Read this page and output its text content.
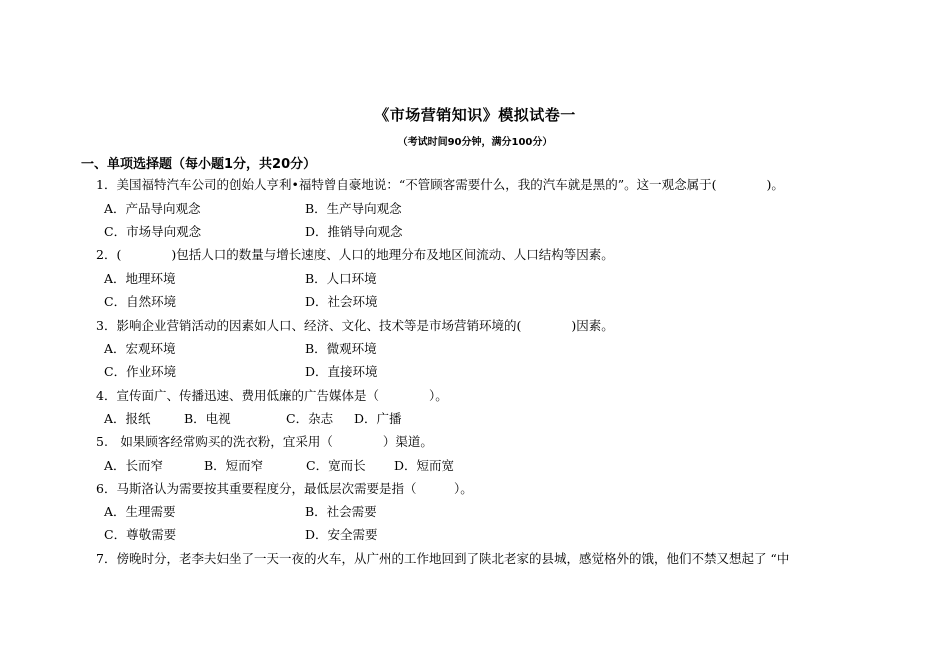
《市场营销知识》模拟试卷一
（考试时间90分钟，满分100分）
一、单项选择题（每小题1分，共20分）
1．美国福特汽车公司的创始人亨利•福特曾自豪地说：“不管顾客需要什么，我的汽车就是黑的”。这一观念属于(　　　　)。
A．产品导向观念	B．生产导向观念
C．市场导向观念	D．推销导向观念
2．(　　　　)包括人口的数量与增长速度、人口的地理分布及地区间流动、人口结构等因素。
A．地理环境	B．人口环境
C．自然环境	D．社会环境
3．影响企业营销活动的因素如人口、经济、文化、技术等是市场营销环境的(　　　　)因素。
A．宏观环境	B．微观环境
C．作业环境	D．直接环境
4．宣传面广、传播迅速、费用低廉的广告媒体是（　　　　）。
A．报纸	B．电视	C．杂志 D．广播
5.　如果顾客经常购买的洗衣粉，宜采用（　　　　）渠道。
A．长而窄	B．短而窄	C．宽而长 D．短而宽
6．马斯洛认为需要按其重要程度分，最低层次需要是指（　　　）。
A．生理需要	B．社会需要
C．尊敬需要	D．安全需要
7．傍晚时分，老李夫妇坐了一天一夜的火车，从广州的工作地回到了陕北老家的县城，感觉格外的饿，他们不禁又想起了 “中
